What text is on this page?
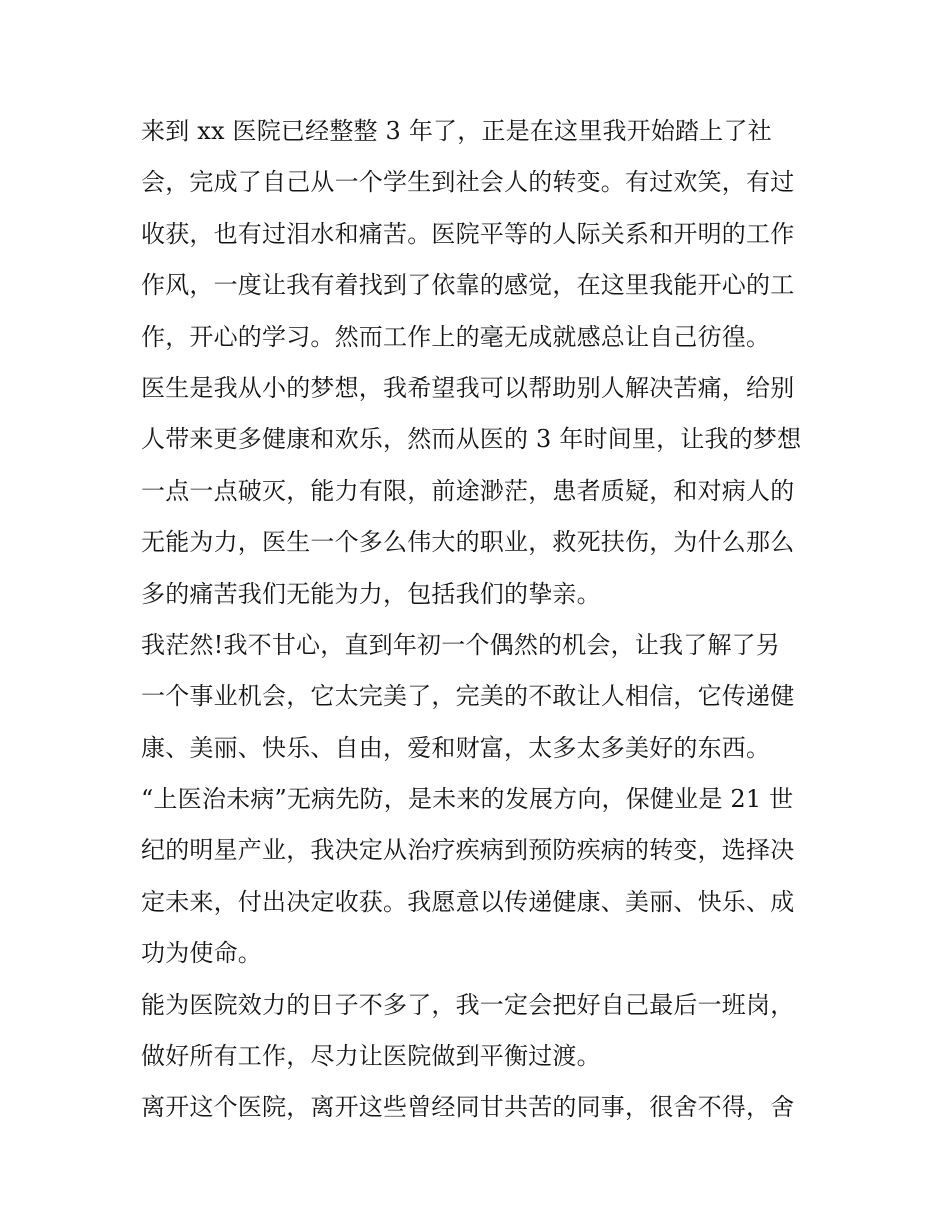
来到 xx 医院已经整整 3 年了，正是在这里我开始踏上了社
会，完成了自己从一个学生到社会人的转变。有过欢笑，有过
收获，也有过泪水和痛苦。医院平等的人际关系和开明的工作
作风，一度让我有着找到了依靠的感觉，在这里我能开心的工
作，开心的学习。然而工作上的毫无成就感总让自己彷徨。
医生是我从小的梦想，我希望我可以帮助别人解决苦痛，给别
人带来更多健康和欢乐，然而从医的 3 年时间里，让我的梦想
一点一点破灭，能力有限，前途渺茫，患者质疑，和对病人的
无能为力，医生一个多么伟大的职业，救死扶伤，为什么那么
多的痛苦我们无能为力，包括我们的挚亲。
我茫然!我不甘心，直到年初一个偶然的机会，让我了解了另
一个事业机会，它太完美了，完美的不敢让人相信，它传递健
康、美丽、快乐、自由，爱和财富，太多太多美好的东西。
“上医治未病”无病先防，是未来的发展方向，保健业是 21 世
纪的明星产业，我决定从治疗疾病到预防疾病的转变，选择决
定未来，付出决定收获。我愿意以传递健康、美丽、快乐、成
功为使命。
能为医院效力的日子不多了，我一定会把好自己最后一班岗，
做好所有工作，尽力让医院做到平衡过渡。
离开这个医院，离开这些曾经同甘共苦的同事，很舍不得，舍
